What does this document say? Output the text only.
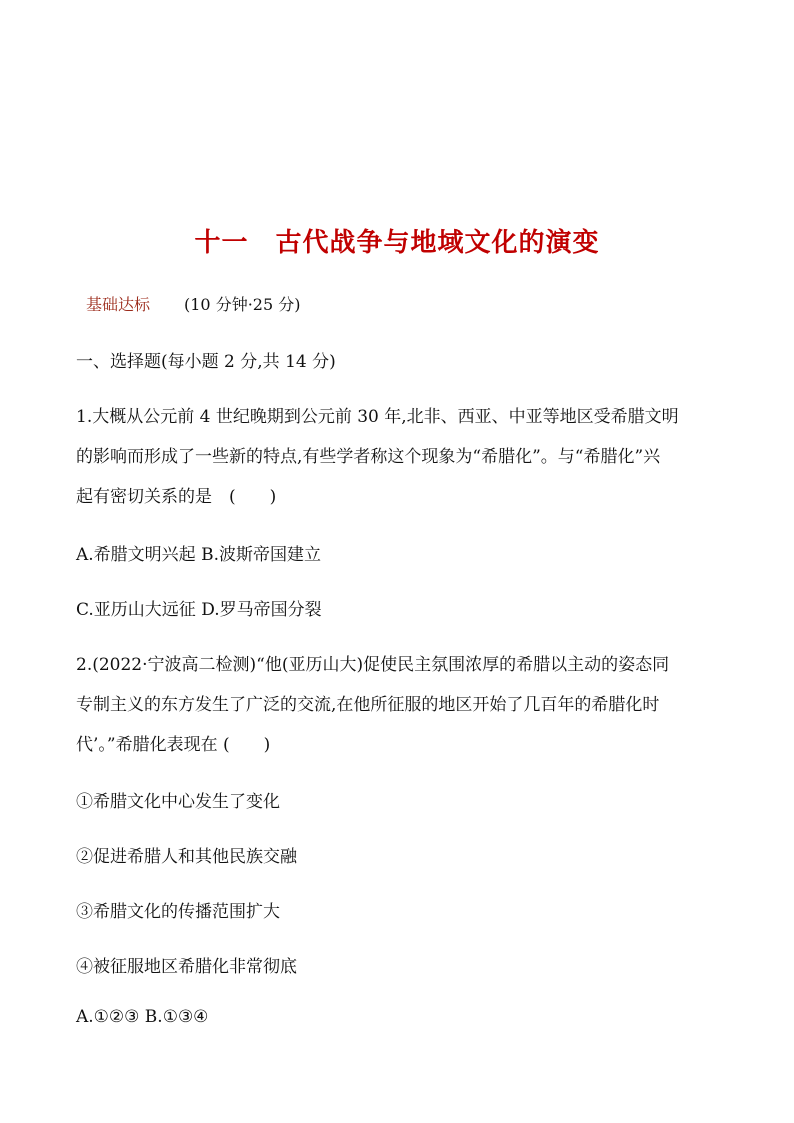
十一　古代战争与地域文化的演变
基础达标 (10 分钟·25 分)
一、选择题(每小题 2 分,共 14 分)
1.大概从公元前 4 世纪晚期到公元前 30 年,北非、西亚、中亚等地区受希腊文明
的影响而形成了一些新的特点,有些学者称这个现象为“希腊化”。与“希腊化”兴
起有密切关系的是　(　　)
A.希腊文明兴起 B.波斯帝国建立
C.亚历山大远征 D.罗马帝国分裂
2.(2022·宁波高二检测)“他(亚历山大)促使民主氛围浓厚的希腊以主动的姿态同
专制主义的东方发生了广泛的交流,在他所征服的地区开始了几百年的希腊化时
代’。”希腊化表现在 (　　)
①希腊文化中心发生了变化
②促进希腊人和其他民族交融
③希腊文化的传播范围扩大
④被征服地区希腊化非常彻底
A.①②③ B.①③④
